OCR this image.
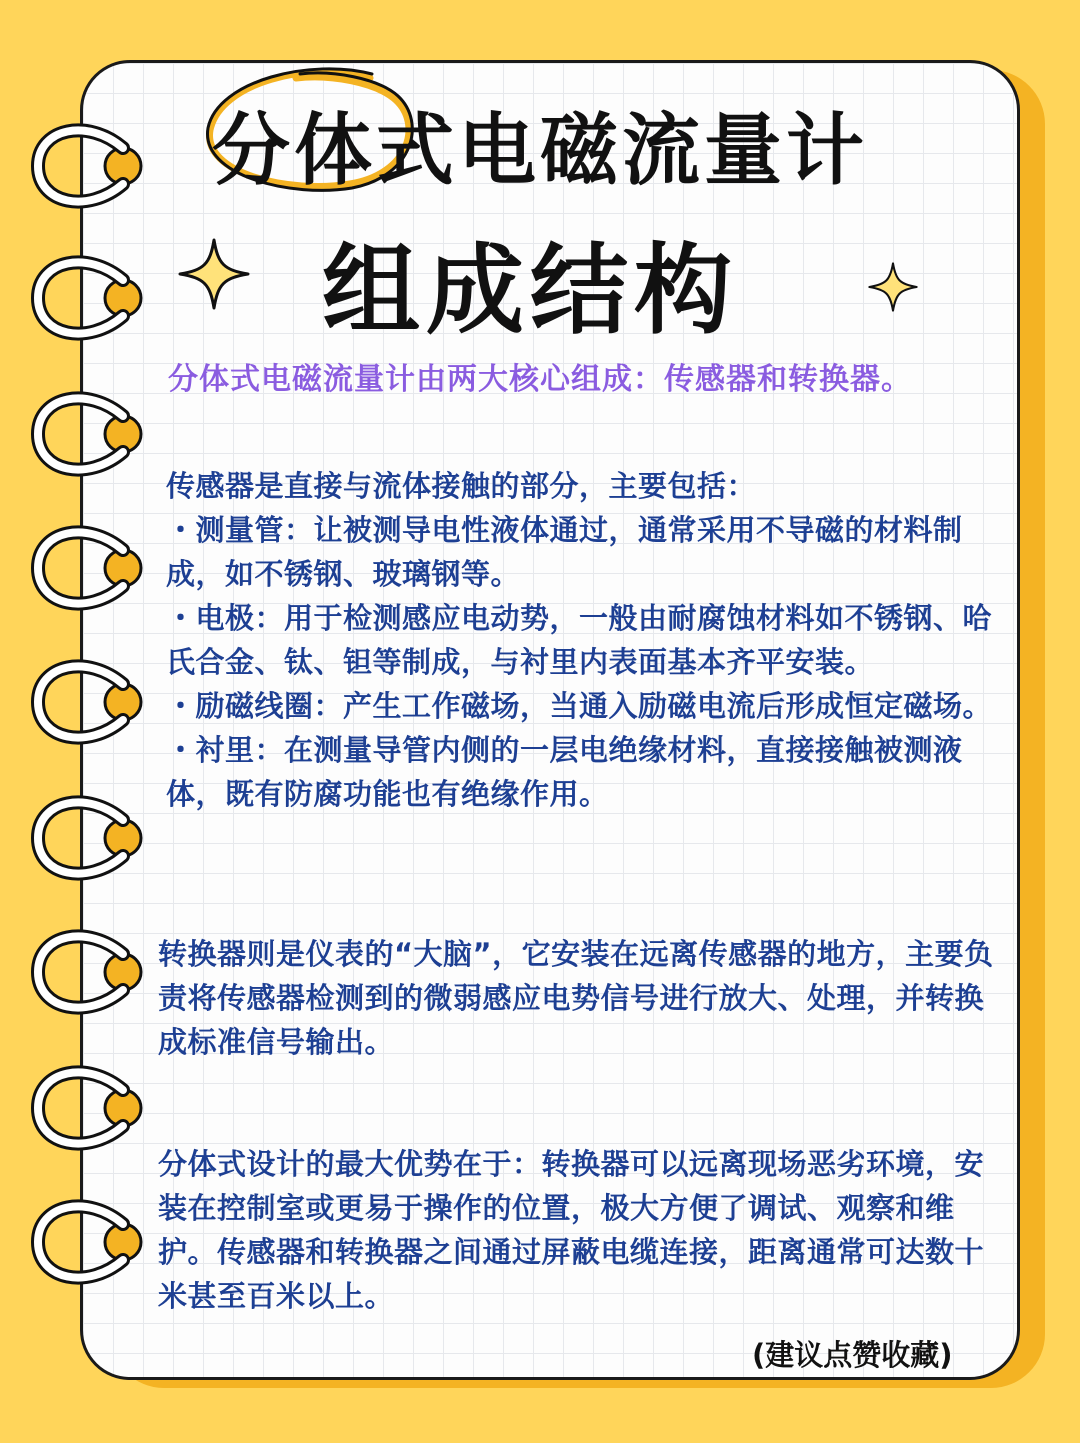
分体式电磁流量计
组成结构
分体式电磁流量计由两大核心组成：传感器和转换器。

传感器是直接与流体接触的部分，主要包括：

・测量管：让被测导电性液体通过，通常采用不导磁的材料制成，如不锈钢、玻璃钢等。

・电极：用于检测感应电动势，一般由耐腐蚀材料如不锈钢、哈氏合金、钛、钽等制成，与衬里内表面基本齐平安装。

・励磁线圈：产生工作磁场，当通入励磁电流后形成恒定磁场。

・衬里：在测量导管内侧的一层电绝缘材料，直接接触被测液体，既有防腐功能也有绝缘作用。

转换器则是仪表的“大脑”，它安装在远离传感器的地方，主要负责将传感器检测到的微弱感应电势信号进行放大、处理，并转换成标准信号输出。

分体式设计的最大优势在于：转换器可以远离现场恶劣环境，安装在控制室或更易于操作的位置，极大方便了调试、观察和维护。传感器和转换器之间通过屏蔽电缆连接，距离通常可达数十米甚至百米以上。

(建议点赞收藏)
